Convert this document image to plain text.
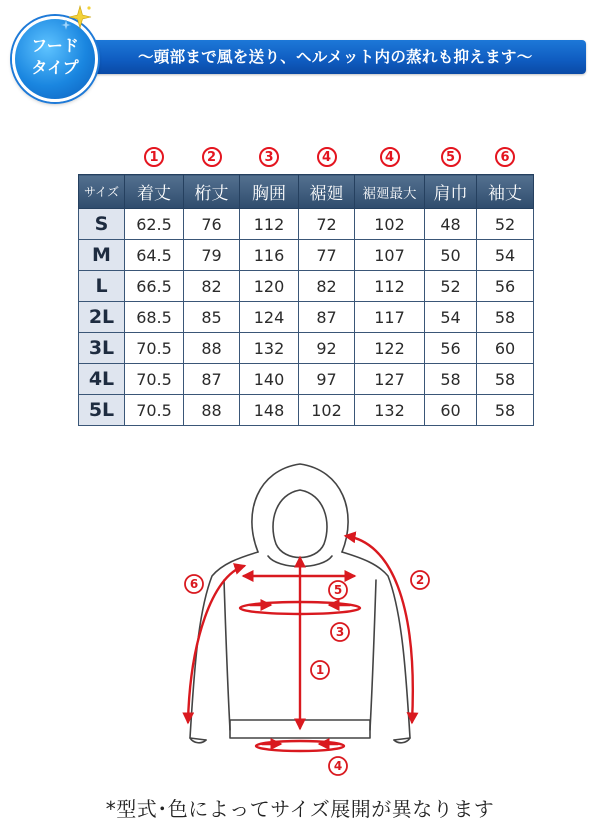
〜頭部まで風を送り、ヘルメット内の蒸れも抑えます〜
フード
タイプ
	1	2	3	4	4	5	6
サイズ	着丈	桁丈	胸囲	裾廻	裾廻最大	肩巾	袖丈
S	62.5	76	112	72	102	48	52
M	64.5	79	116	77	107	50	54
L	66.5	82	120	82	112	52	56
2L	68.5	85	124	87	117	54	58
3L	70.5	88	132	92	122	56	60
4L	70.5	87	140	97	127	58	58
5L	70.5	88	148	102	132	60	58
1
2
3
4
5
6
*型式･色によってサイズ展開が異なります
